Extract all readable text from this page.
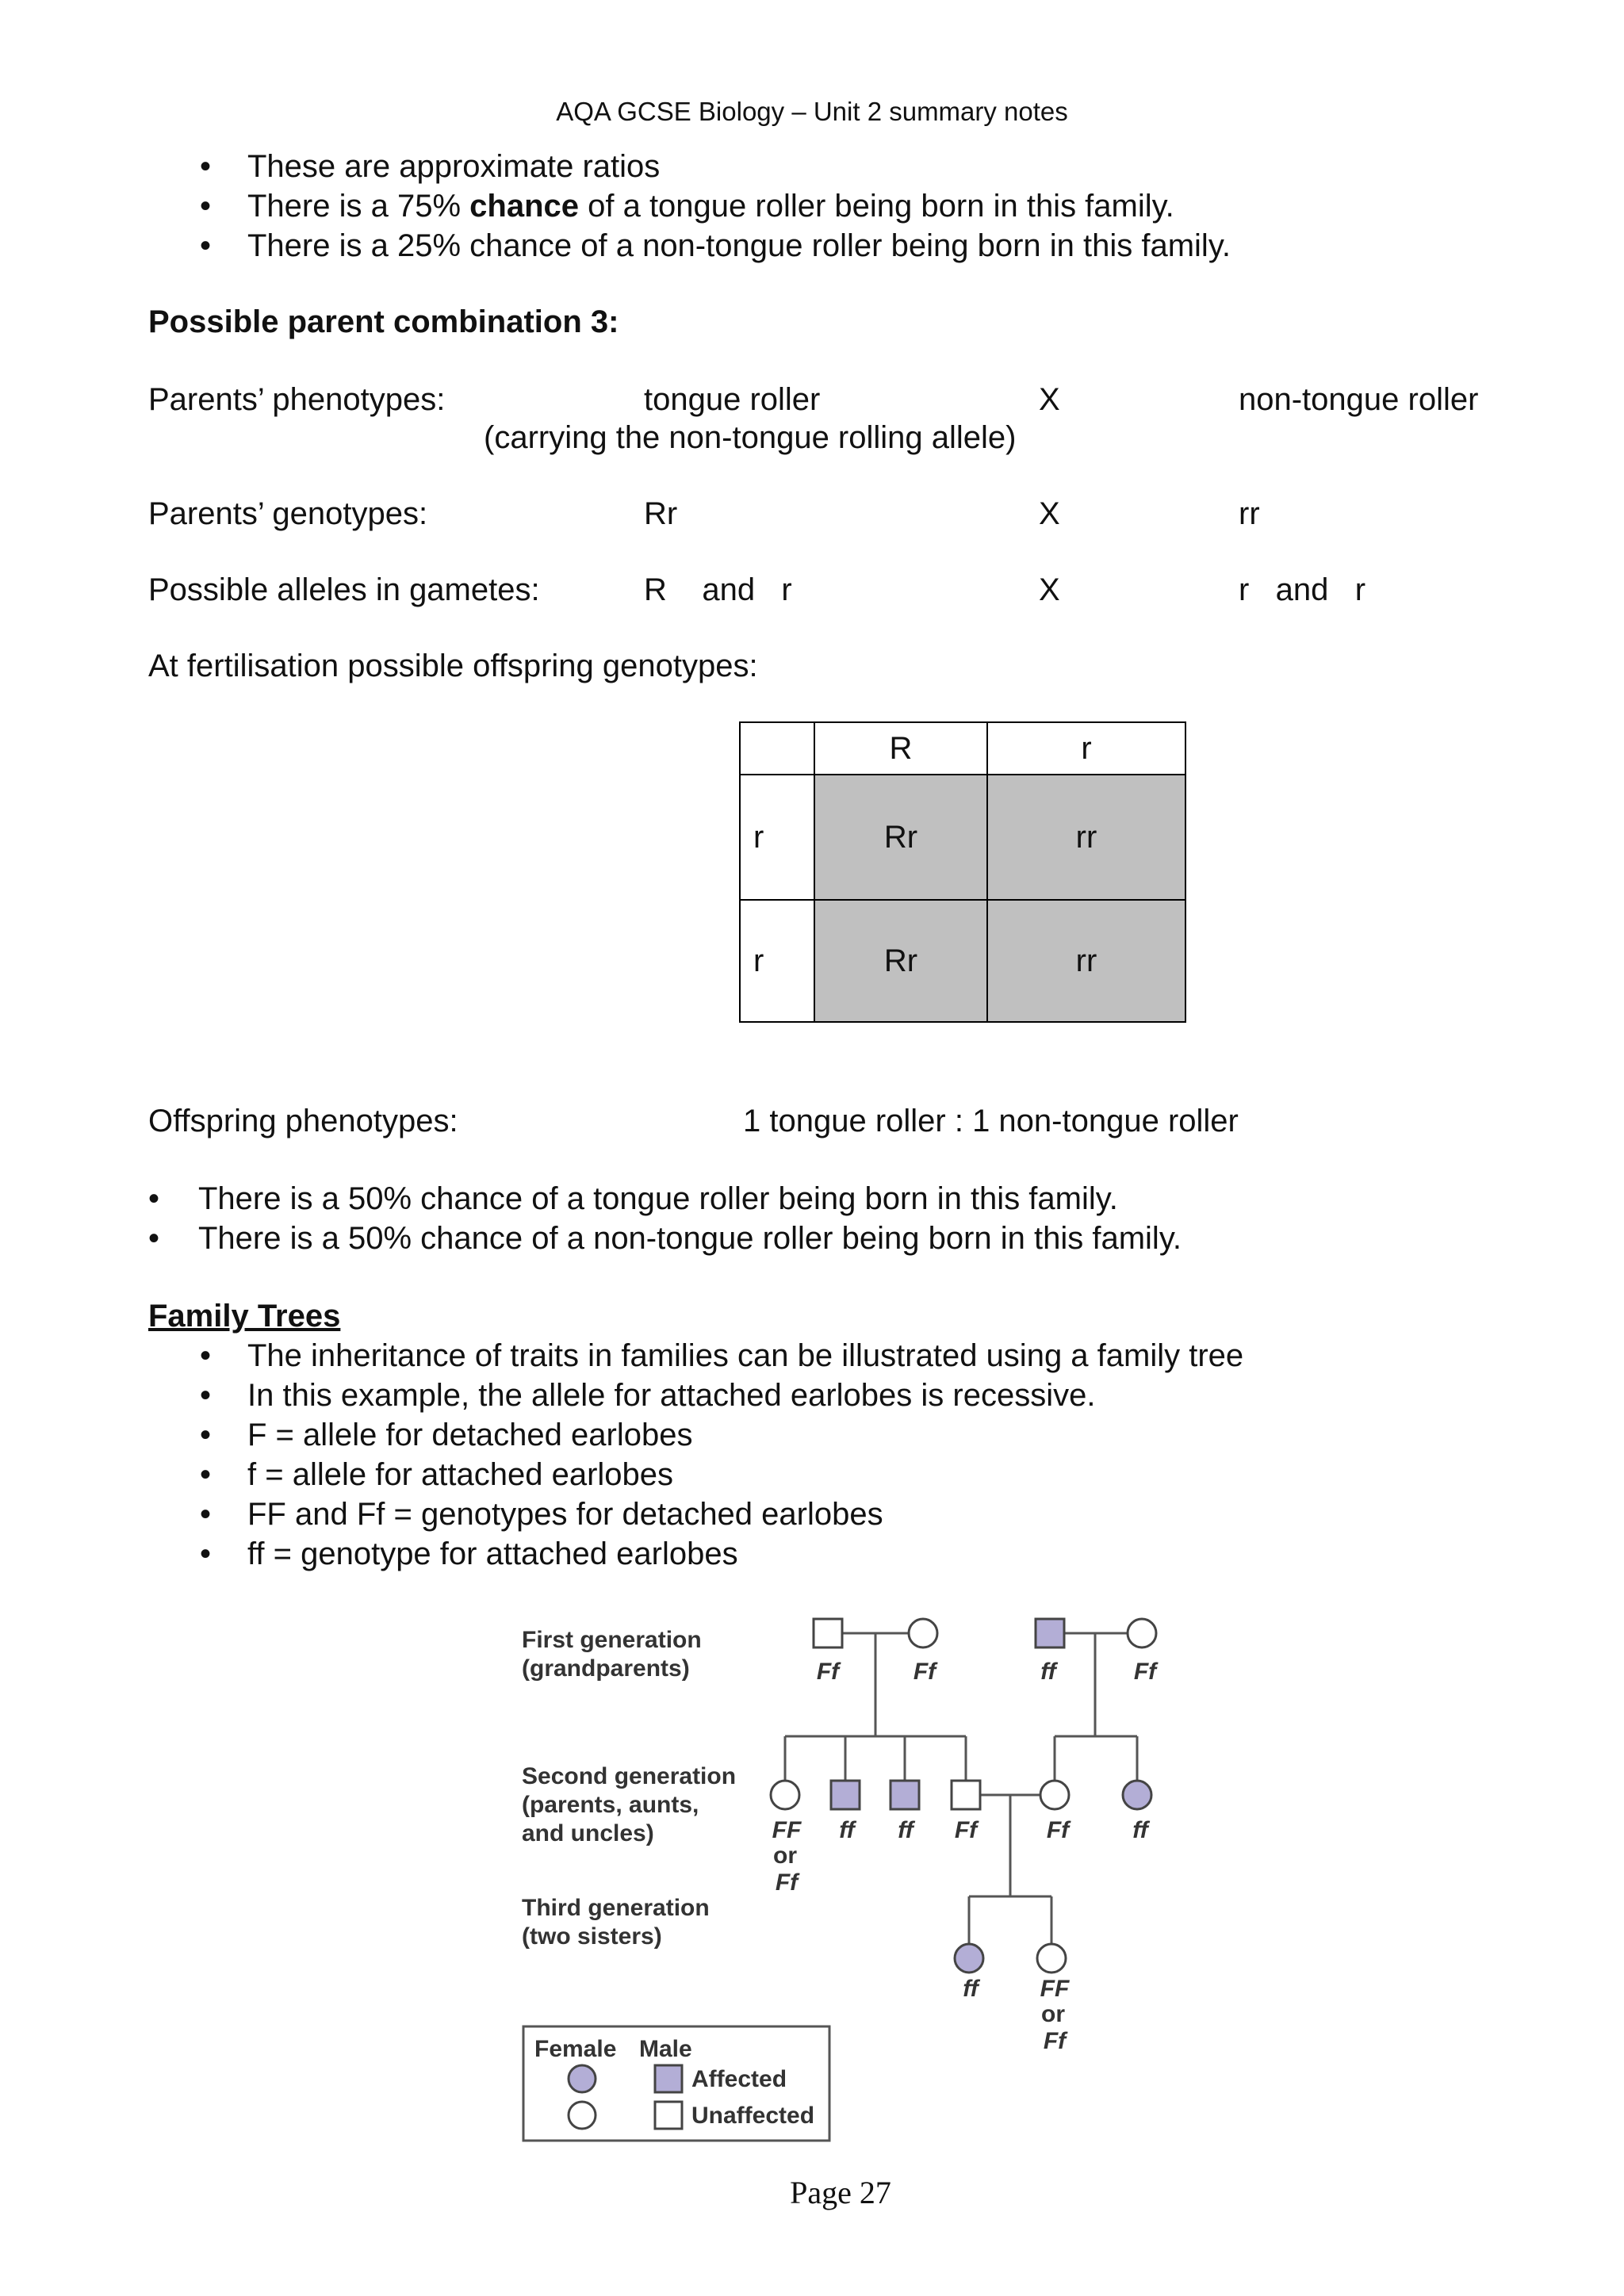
AQA GCSE Biology – Unit 2 summary notes
• These are approximate ratios
• There is a 75% chance of a tongue roller being born in this family.
• There is a 25% chance of a non-tongue roller being born in this family.
Possible parent combination 3:
Parents’ phenotypes:	tongue roller	X	non-tongue roller
(carrying the non-tongue rolling allele)
Parents’ genotypes:	Rr	X	rr
Possible alleles in gametes:	R    and   r	X	r   and   r
At fertilisation possible offspring genotypes:
	R	r
r	Rr	rr
r	Rr	rr
Offspring phenotypes:	1 tongue roller : 1 non-tongue roller
• There is a 50% chance of a tongue roller being born in this family.
• There is a 50% chance of a non-tongue roller being born in this family.
Family Trees
• The inheritance of traits in families can be illustrated using a family tree
• In this example, the allele for attached earlobes is recessive.
• F = allele for detached earlobes
• f = allele for attached earlobes
• FF and Ff = genotypes for detached earlobes
• ff = genotype for attached earlobes
First generation
(grandparents)
Second generation
(parents, aunts,
and uncles)
Third generation
(two sisters)
Ff	Ff	ff	Ff
FF
or
Ff
ff ff Ff	Ff	ff
ff	FF
or
Ff
Female Male
Affected
Unaffected
Page 27
